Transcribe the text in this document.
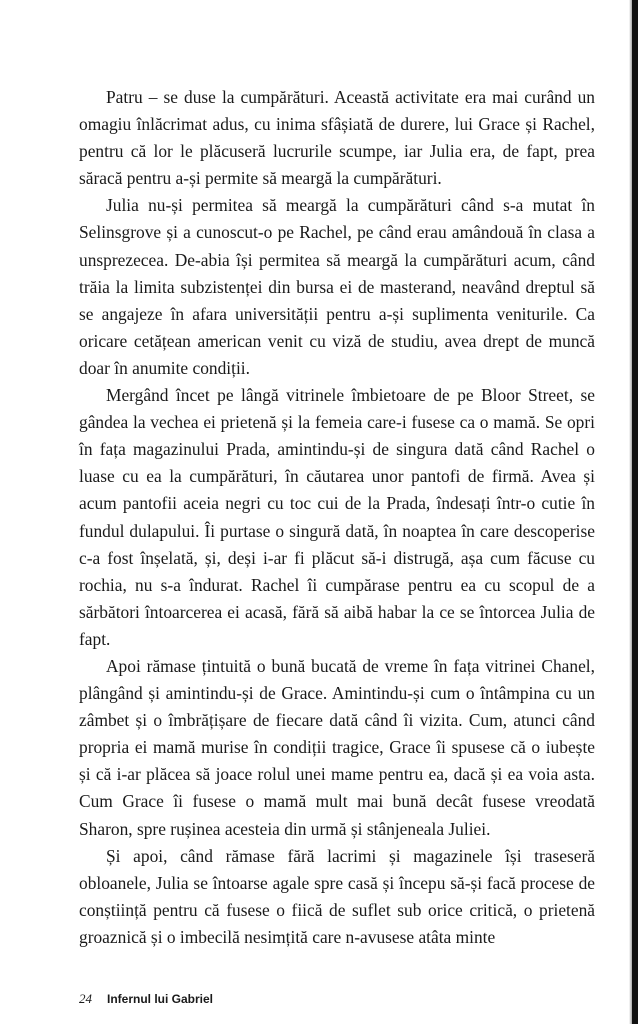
Patru – se duse la cumpărături. Această activitate era mai curând un omagiu înlăcrimat adus, cu inima sfâșiată de durere, lui Grace și Rachel, pentru că lor le plăcuseră lucrurile scumpe, iar Julia era, de fapt, prea săracă pentru a-și permite să meargă la cumpărături.

Julia nu-și permitea să meargă la cumpărături când s-a mutat în Selinsgrove și a cunoscut-o pe Rachel, pe când erau amândouă în clasa a unsprezecea. De-abia își permitea să meargă la cumpărături acum, când trăia la limita subzistenței din bursa ei de masterand, neavând dreptul să se angajeze în afara universității pentru a-și suplimenta veniturile. Ca oricare cetățean american venit cu viză de studiu, avea drept de muncă doar în anumite condiții.

Mergând încet pe lângă vitrinele îmbietoare de pe Bloor Street, se gândea la vechea ei prietenă și la femeia care-i fusese ca o mamă. Se opri în fața magazinului Prada, amintindu-și de singura dată când Rachel o luase cu ea la cumpărături, în căutarea unor pantofi de firmă. Avea și acum pantofii aceia negri cu toc cui de la Prada, îndesați într-o cutie în fundul dulapului. Îi purtase o singură dată, în noaptea în care descoperise c-a fost înșelată, și, deși i-ar fi plăcut să-i distrugă, așa cum făcuse cu rochia, nu s-a îndurat. Rachel îi cumpărase pentru ea cu scopul de a sărbători întoarcerea ei acasă, fără să aibă habar la ce se întorcea Julia de fapt.

Apoi rămase țintuită o bună bucată de vreme în fața vitrinei Chanel, plângând și amintindu-și de Grace. Amintindu-și cum o întâmpina cu un zâmbet și o îmbrățișare de fiecare dată când îi vizita. Cum, atunci când propria ei mamă murise în condiții tragice, Grace îi spusese că o iubește și că i-ar plăcea să joace rolul unei mame pentru ea, dacă și ea voia asta. Cum Grace îi fusese o mamă mult mai bună decât fusese vreodată Sharon, spre rușinea acesteia din urmă și stânjeneala Juliei.

Și apoi, când rămase fără lacrimi și magazinele își traseseră obloanele, Julia se întoarse agale spre casă și începu să-și facă procese de conștiință pentru că fusese o fiică de suflet sub orice critică, o prietenă groaznică și o imbecilă nesimțită care n-avusese atâta minte

24 Infernul lui Gabriel
